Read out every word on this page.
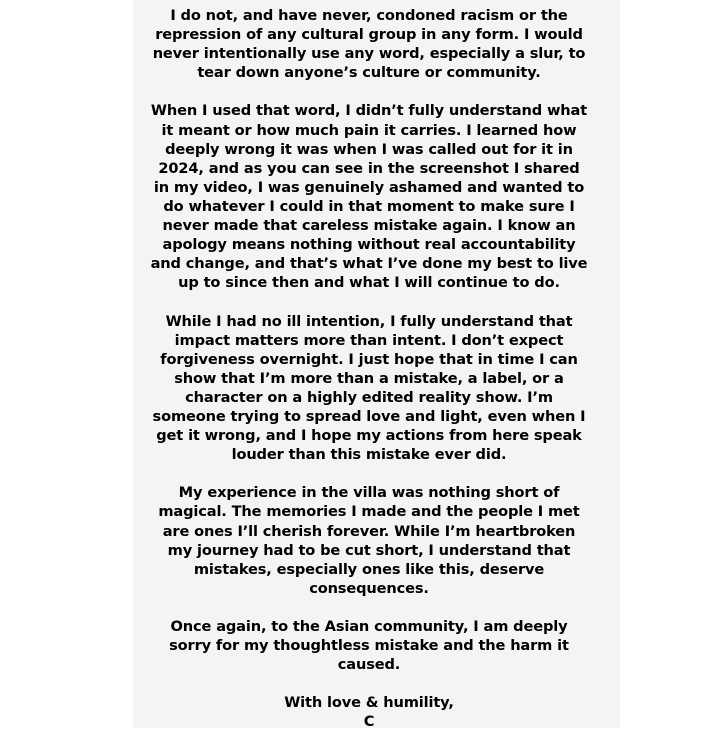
I do not, and have never, condoned racism or the repression of any cultural group in any form. I would never intentionally use any word, especially a slur, to tear down anyone’s culture or community.

When I used that word, I didn’t fully understand what it meant or how much pain it carries. I learned how deeply wrong it was when I was called out for it in 2024, and as you can see in the screenshot I shared in my video, I was genuinely ashamed and wanted to do whatever I could in that moment to make sure I never made that careless mistake again. I know an apology means nothing without real accountability and change, and that’s what I’ve done my best to live up to since then and what I will continue to do.

While I had no ill intention, I fully understand that impact matters more than intent. I don’t expect forgiveness overnight. I just hope that in time I can show that I’m more than a mistake, a label, or a character on a highly edited reality show. I’m someone trying to spread love and light, even when I get it wrong, and I hope my actions from here speak louder than this mistake ever did.

My experience in the villa was nothing short of magical. The memories I made and the people I met are ones I’ll cherish forever. While I’m heartbroken my journey had to be cut short, I understand that mistakes, especially ones like this, deserve consequences.

Once again, to the Asian community, I am deeply sorry for my thoughtless mistake and the harm it caused.

With love & humility,
C
